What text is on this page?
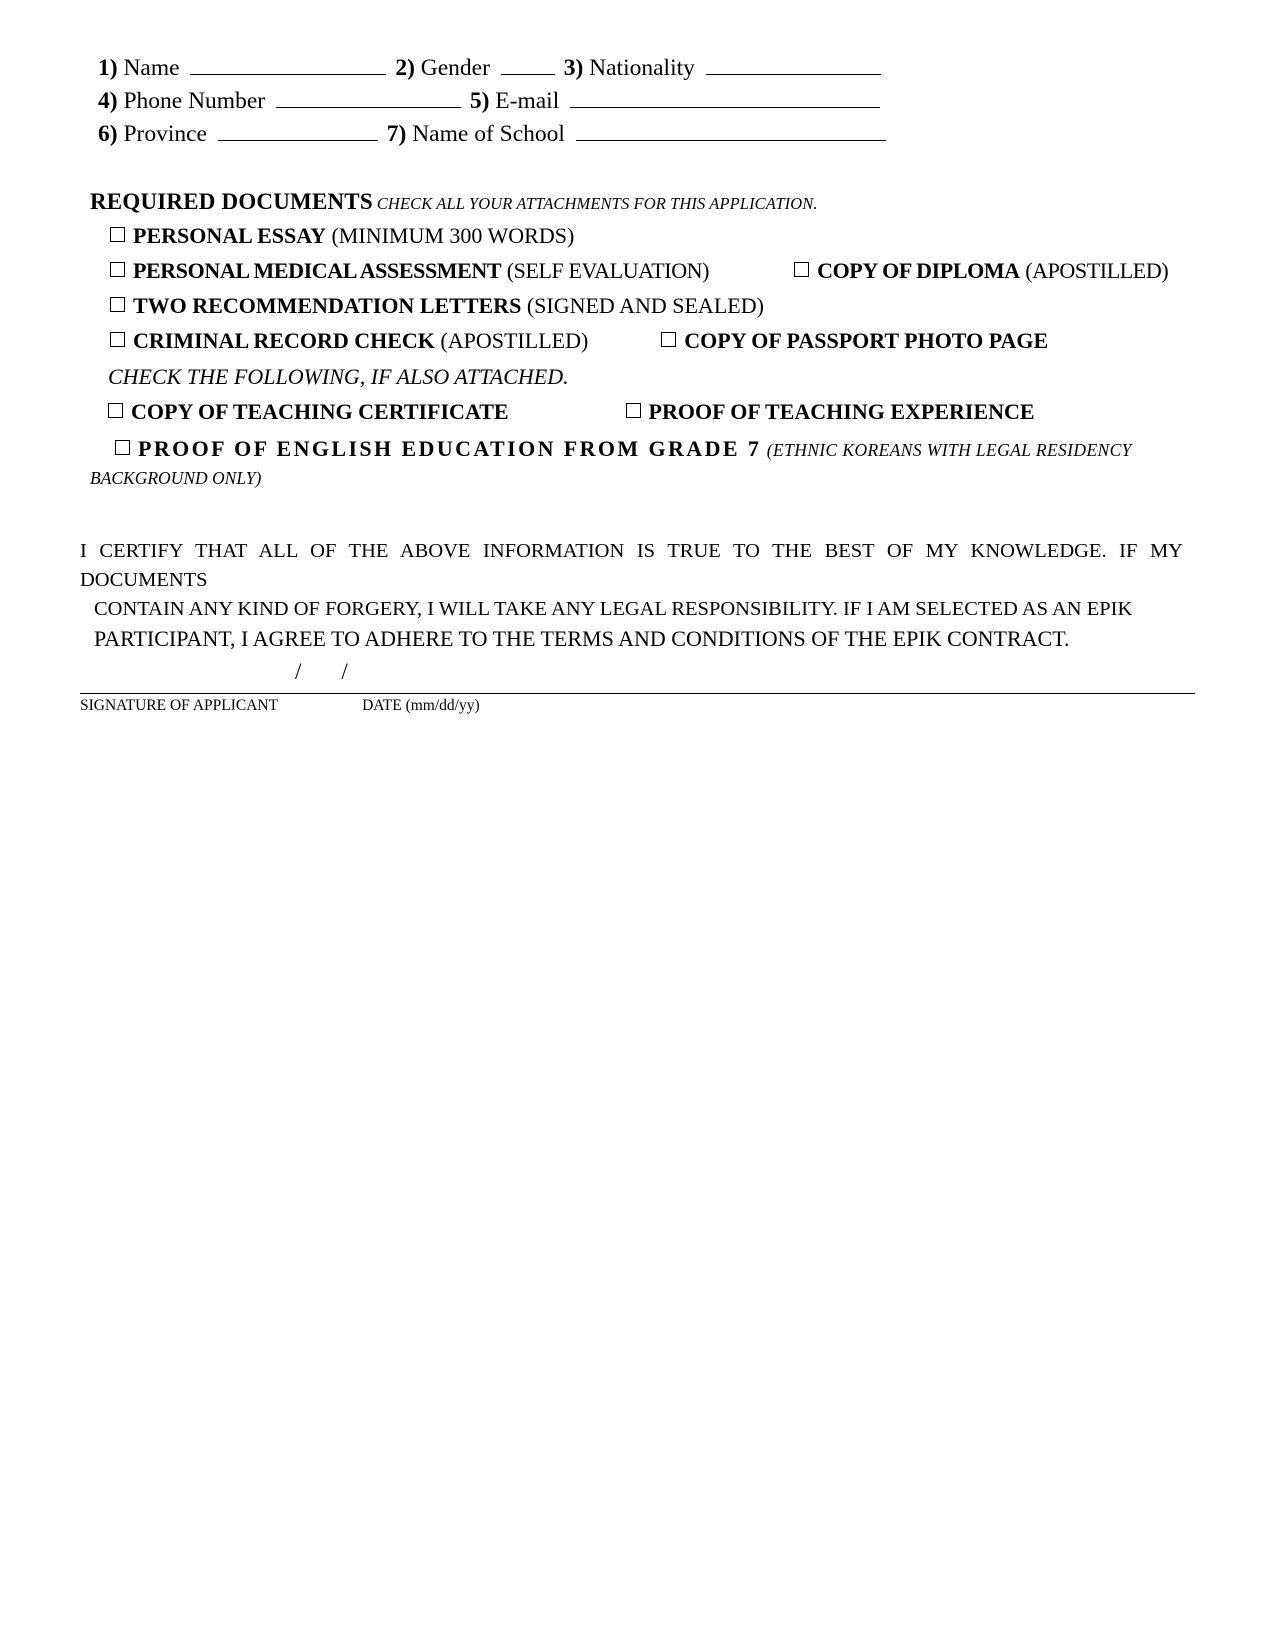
1) Name	2) Gender	3) Nationality
4) Phone Number	5) E-mail
6) Province	7) Name of School
REQUIRED DOCUMENTS CHECK ALL YOUR ATTACHMENTS FOR THIS APPLICATION.
PERSONAL ESSAY (MINIMUM 300 WORDS)
PERSONAL MEDICAL ASSESSMENT (SELF EVALUATION)	COPY OF DIPLOMA (APOSTILLED)
TWO RECOMMENDATION LETTERS (SIGNED AND SEALED)
CRIMINAL RECORD CHECK (APOSTILLED)	COPY OF PASSPORT PHOTO PAGE
CHECK THE FOLLOWING, IF ALSO ATTACHED.
COPY OF TEACHING CERTIFICATE	PROOF OF TEACHING EXPERIENCE
PROOF OF ENGLISH EDUCATION FROM GRADE 7 (ETHNIC KOREANS WITH LEGAL RESIDENCY
BACKGROUND ONLY)
I CERTIFY THAT ALL OF THE ABOVE INFORMATION IS TRUE TO THE BEST OF MY KNOWLEDGE. IF MY DOCUMENTS
CONTAIN ANY KIND OF FORGERY, I WILL TAKE ANY LEGAL RESPONSIBILITY. IF I AM SELECTED AS AN EPIK
PARTICIPANT, I AGREE TO ADHERE TO THE TERMS AND CONDITIONS OF THE EPIK CONTRACT.
/ /
SIGNATURE OF APPLICANT	DATE (mm/dd/yy)
